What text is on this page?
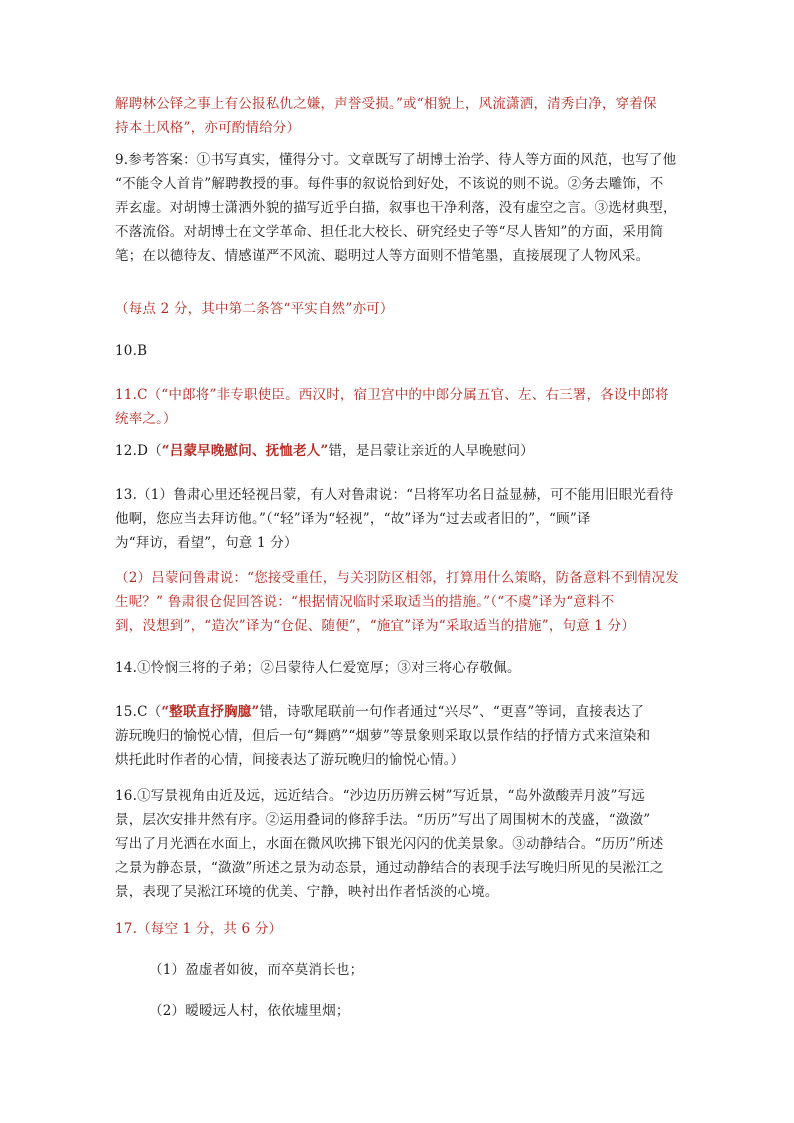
解聘林公铎之事上有公报私仇之嫌，声誉受损。”或“相貌上，风流潇洒，清秀白净，穿着保
持本土风格”，亦可酌情给分）
9.参考答案：①书写真实，懂得分寸。文章既写了胡博士治学、待人等方面的风范，也写了他
“不能令人首肯”解聘教授的事。每件事的叙说恰到好处，不该说的则不说。②务去雕饰，不
弄玄虚。对胡博士潇洒外貌的描写近乎白描，叙事也干净利落，没有虚空之言。③选材典型，
不落流俗。对胡博士在文学革命、担任北大校长、研究经史子等“尽人皆知”的方面，采用简
笔；在以德待友、情感谨严不风流、聪明过人等方面则不惜笔墨，直接展现了人物风采。
（每点 2 分，其中第二条答“平实自然”亦可）
10.B
11.C（“中郎将”非专职使臣。西汉时，宿卫宫中的中郎分属五官、左、右三署，各设中郎将
统率之。）
12.D（“吕蒙早晚慰问、抚恤老人”错，是吕蒙让亲近的人早晚慰问）
13.（1）鲁肃心里还轻视吕蒙，有人对鲁肃说：“吕将军功名日益显赫，可不能用旧眼光看待
他啊，您应当去拜访他。”（“轻”译为“轻视”，“故”译为“过去或者旧的”，“顾”译
为“拜访，看望”，句意 1 分）
（2）吕蒙问鲁肃说：“您接受重任，与关羽防区相邻，打算用什么策略，防备意料不到情况发
生呢？” 鲁肃很仓促回答说：“根据情况临时采取适当的措施。”（“不虞”译为“意料不
到，没想到”，“造次”译为“仓促、随便”，“施宜”译为“采取适当的措施”，句意 1 分）
14.①怜悯三将的子弟；②吕蒙待人仁爱宽厚；③对三将心存敬佩。
15.C（“整联直抒胸臆”错，诗歌尾联前一句作者通过“兴尽”、“更喜”等词，直接表达了
游玩晚归的愉悦心情，但后一句“舞鸥”“烟萝”等景象则采取以景作结的抒情方式来渲染和
烘托此时作者的心情，间接表达了游玩晚归的愉悦心情。）
16.①写景视角由近及远，远近结合。“沙边历历辨云树”写近景，“岛外潋酸弄月波”写远
景，层次安排井然有序。②运用叠词的修辞手法。“历历”写出了周围树木的茂盛，“潋潋”
写出了月光洒在水面上，水面在微风吹拂下银光闪闪的优美景象。③动静结合。“历历”所述
之景为静态景，“潋潋”所述之景为动态景，通过动静结合的表现手法写晚归所见的吴淞江之
景，表现了吴淞江环境的优美、宁静，映衬出作者恬淡的心境。
17.（每空 1 分，共 6 分）
（1）盈虚者如彼，而卒莫消长也；
（2）暧暧远人村，依依墟里烟；
